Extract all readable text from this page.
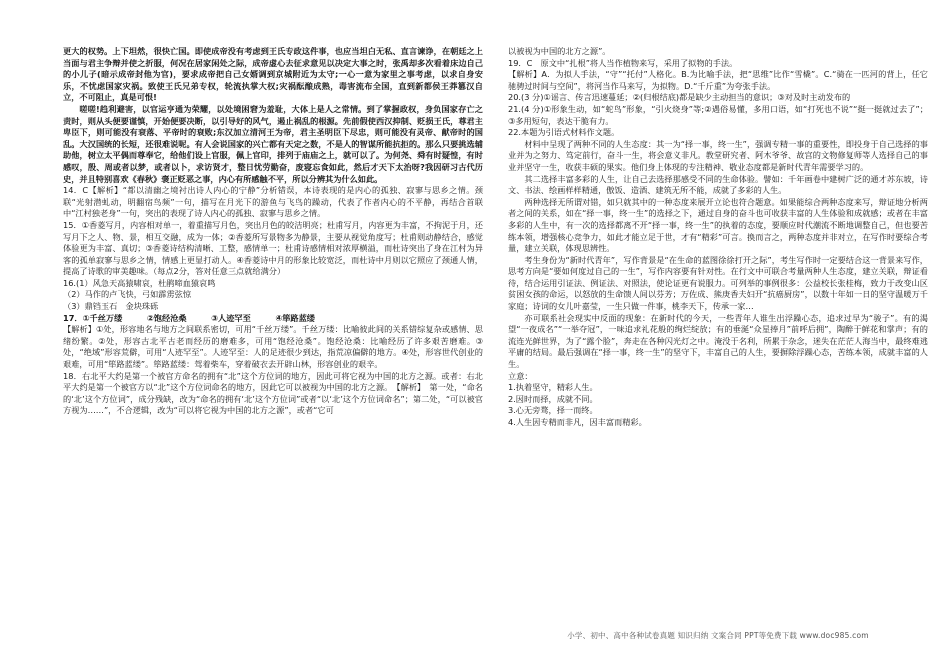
更大的权势。上下坦然，很快亡国。即使成帝没有考虑到王氏专政这件事，也应当坦白无私、直言谏诤，在朝廷之上当面与君主争辩并使之折服，何况在居家闲处之际，成帝虚心去征求意见以决定大事之时，张禹却多次看着床边自己的小儿子(暗示成帝封他为官)，要求成帝把自己女婿调到京城附近为太守;一心一意为家里之事考虑，以求自身安乐，不忧虑国家灾祸。致使王氏兄弟专权，轮流执掌大权;灾祸酝酿成熟，毒害流布全国，直到新都侯王莽篡汉自立，不可阻止，真是可恨!

嗟嗟!趋利避害，以官运亨通为荣耀，以处境困窘为羞耻，大体上是人之常情。到了掌握政权，身负国家存亡之责时，则从头便要谨慎，开始便要决断，以引导好的风气，遏止祸乱的根源。先前假使西汉抑制、贬损王氏，尊君主卑臣下，则可能没有衰落、平帝时的衰败;东汉加立清河王为帝，君主圣明臣下尽忠，则可能没有灵帝、献帝时的国乱。大汉国统的长短，还很难说呢。有人会说国家的兴亡都有天定之数，不是人的智谋所能抗拒的。那么只要挑选辅助他，树立太平偶而尊奉它，给他们设上官服，佩上官印，排列于庙庙之上，就可以了。为何尧、舜有时疑惶，有时感叹，殷、周或者以梦，或者以卜，求访贤才，整日忧劳勤奋，废寝忘食如此，然后才天下太治呀?我因研习古代历史，并且特别喜欢《春秋》褒正贬恶之事，内心有所感触不平，所以分辨其为什么如此。

14．C【解析】“都以清幽之境衬出诗人内心的宁静”分析错误，本诗表现的是内心的孤独、寂寥与思乡之情。颈联“光射潜虬动，明翻宿鸟频”一句，描写在月光下的游鱼与飞鸟的躁动，代表了作者内心的不平静，再结合首联中“江村独老身”一句，突出的表现了诗人内心的孤独、寂寥与思乡之情。

15．①香菱写月，内容相对单一，着重描写月色，突出月色的皎洁明亮；杜甫写月，内容更为丰富，不拘泥于月，还写月下之人、物、景，相互交融，成为一体；②香菱所写景物多为静景，主要从视觉角度写；杜甫则动静结合，感觉体验更为丰富、真切；③香菱诗结构清晰、工整，感情单一；杜甫诗感情相对浓厚横溢，而杜诗突出了身在江村为异客的孤单寂寥与思乡之情，情感上更显打动人。④香菱诗中月的形象比较宽泛，而杜诗中月则以它照应了颈通人情，提高了诗歌的审美趣味。（每点2分，答对任意三点就给满分）

16.(1）风急天高猿啸哀，杜鹃啼血猿哀鸣

（2）马作的卢飞快，弓如霹雳弦惊

（3）鼎铛玉石　金块珠砾

17．①千丝万缕　　　②饱经沧桑　　　③人迹罕至　　　④筚路蓝缕

【解析】①处，形容地名与地方之间联系密切，可用“千丝万缕”。千丝万缕：比喻彼此间的关系错综复杂或感情、思绪纷繁。②处，形容古北平古老而经历的磨难多，可用“饱经沧桑”。饱经沧桑：比喻经历了许多艰苦磨难。③处，“绝域”形容荒僻，可用“人迹罕至”。人迹罕至：人的足迹很少到达，指荒凉偏僻的地方。④处，形容世代创业的艰难，可用“筚路蓝缕”。筚路蓝缕：驾着柴车，穿着破衣去开辟山林，形容创业的艰辛。

18．右北平大约是第一个被官方命名的拥有“北”这个方位词的地方，因此可将它视为中国的北方之源。或者：右北平大约是第一个被官方以“北”这个方位词命名的地方，因此它可以被视为中国的北方之源。　【解析】　第一处，“命名的‘北’这个方位词”，成分残缺，改为“命名的拥有‘北’这个方位词”或者“以‘北’这个方位词命名”；第二处，“可以被官方视为……”，不合逻辑，改为“可以将它视为中国的北方之源”，或者“它可

以被视为中国的北方之源”。

19．C　原文中“扎根”将人当作植物来写，采用了拟物的手法。

【解析】A．为拟人手法，“守”“托付”人格化。B.为比喻手法，把“思维”比作“雪橇”。C.“骑在一匹河的背上，任它驰骋过时间与空间”，将河当作马来写，为拟物。D.“千斤重”为夸张手法。

20.(3 分)①谣言、传言迅速蔓延；②(归根结底)都是缺少主动担当的意识；③对及时主动发布的

21.(4 分)①形象生动，如“蛇鸟”形象，“引火烧身”等;②遇俗易懂，多用口语，如“打死也不说”“挺一挺就过去了”；③多用短句，表达干脆有力。

22.本题为引语式材料作文题。

材料中呈现了两种不同的人生态度：其一为“择一事，终一生”，强调专精一事的重要性，即投身于自己选择的事业并为之努力、笃定前行，奋斗一生，将会意义非凡。教堂研究者、阿木爷爷、故宫的文物修复师等人选择自己的事业并坚守一生，收获丰硕的果实。他们身上体现的专注精神、敬业态度都是新时代青年需要学习的。

其二选择丰富多彩的人生，让自己去选择那感受不同的生命体验。譬如：千年画卷中建树广泛的通才苏东坡，诗文、书法、绘画样样精通，傲饭、造酒、建筑无所不能，成就了多彩的人生。

两种选择无所谓对错，如只就其中的一种态度来展开立论也符合题意。如果能综合两种态度来写，辩证地分析两者之间的关系，如在“择一事，终一生”的选择之下，通过自身的奋斗也可收获丰富的人生体验和成就感；或者在丰富多彩的人生中，有一次的选择都离不开“择一事，终一生”的执着的态度，要顺应时代潮流不断地调整自己，但也要苦练本领，增强核心竞争力，如此才能立足于世，才有“精彩”可言。换而言之，两种态度并非对立，在写作时要综合考量，建立关联，体现思辨性。

考生身份为“新时代青年”，写作背景是“在生命的蓝图徐徐打开之际”，考生写作时一定要结合这一背景来写作，思考方向是“要如何度过自己的一生”，写作内容要有针对性。在行文中可联合考量两种人生态度，建立关联，辩证看待，结合运用引证法、例证法、对照法，使论证更有说服力。可列举的事例很多：公益校长张桂梅，致力于改变山区贫困女孩的命运，以怒放的生命馈人间以芬芳；万佐成、熊庚香夫妇开“抗癌厨房”，以数十年如一日的坚守温暖万千家庭；诗词的女儿叶嘉莹，一生只做一件事，桃李天下，传承一家…

亦可联系社会现实中反面的现象：在新时代的今天，一些青年人谁生出浮躁心态，追求过早为“骏子”。有的渴望“一夜成名”“一举夺冠”，一味追求礼花般的绚烂绽放；有的垂涎“众星捧月”前呼后拥”，陶醉于鲜花和掌声；有的流连光鲜世界，为了“露个脸”，奔走在各种闪光灯之中。淹没于名利，所累于杂念，迷失在茫茫人海当中，最终难逃平庸的结局。最后强调在“择一事，终一生”的坚守下，丰富自己的人生，要摒除浮躁心态，苦练本领，成就丰富的人生。

立意：

1.执着坚守，精彩人生。

2.因时而择，成就不同。

3.心无旁骛，择一而终。

4.人生因专精而非凡，因丰富而精彩。

小学、初中、高中各种试卷真题 知识归纳 文案合同 PPT等免费下载 www.doc985.com
